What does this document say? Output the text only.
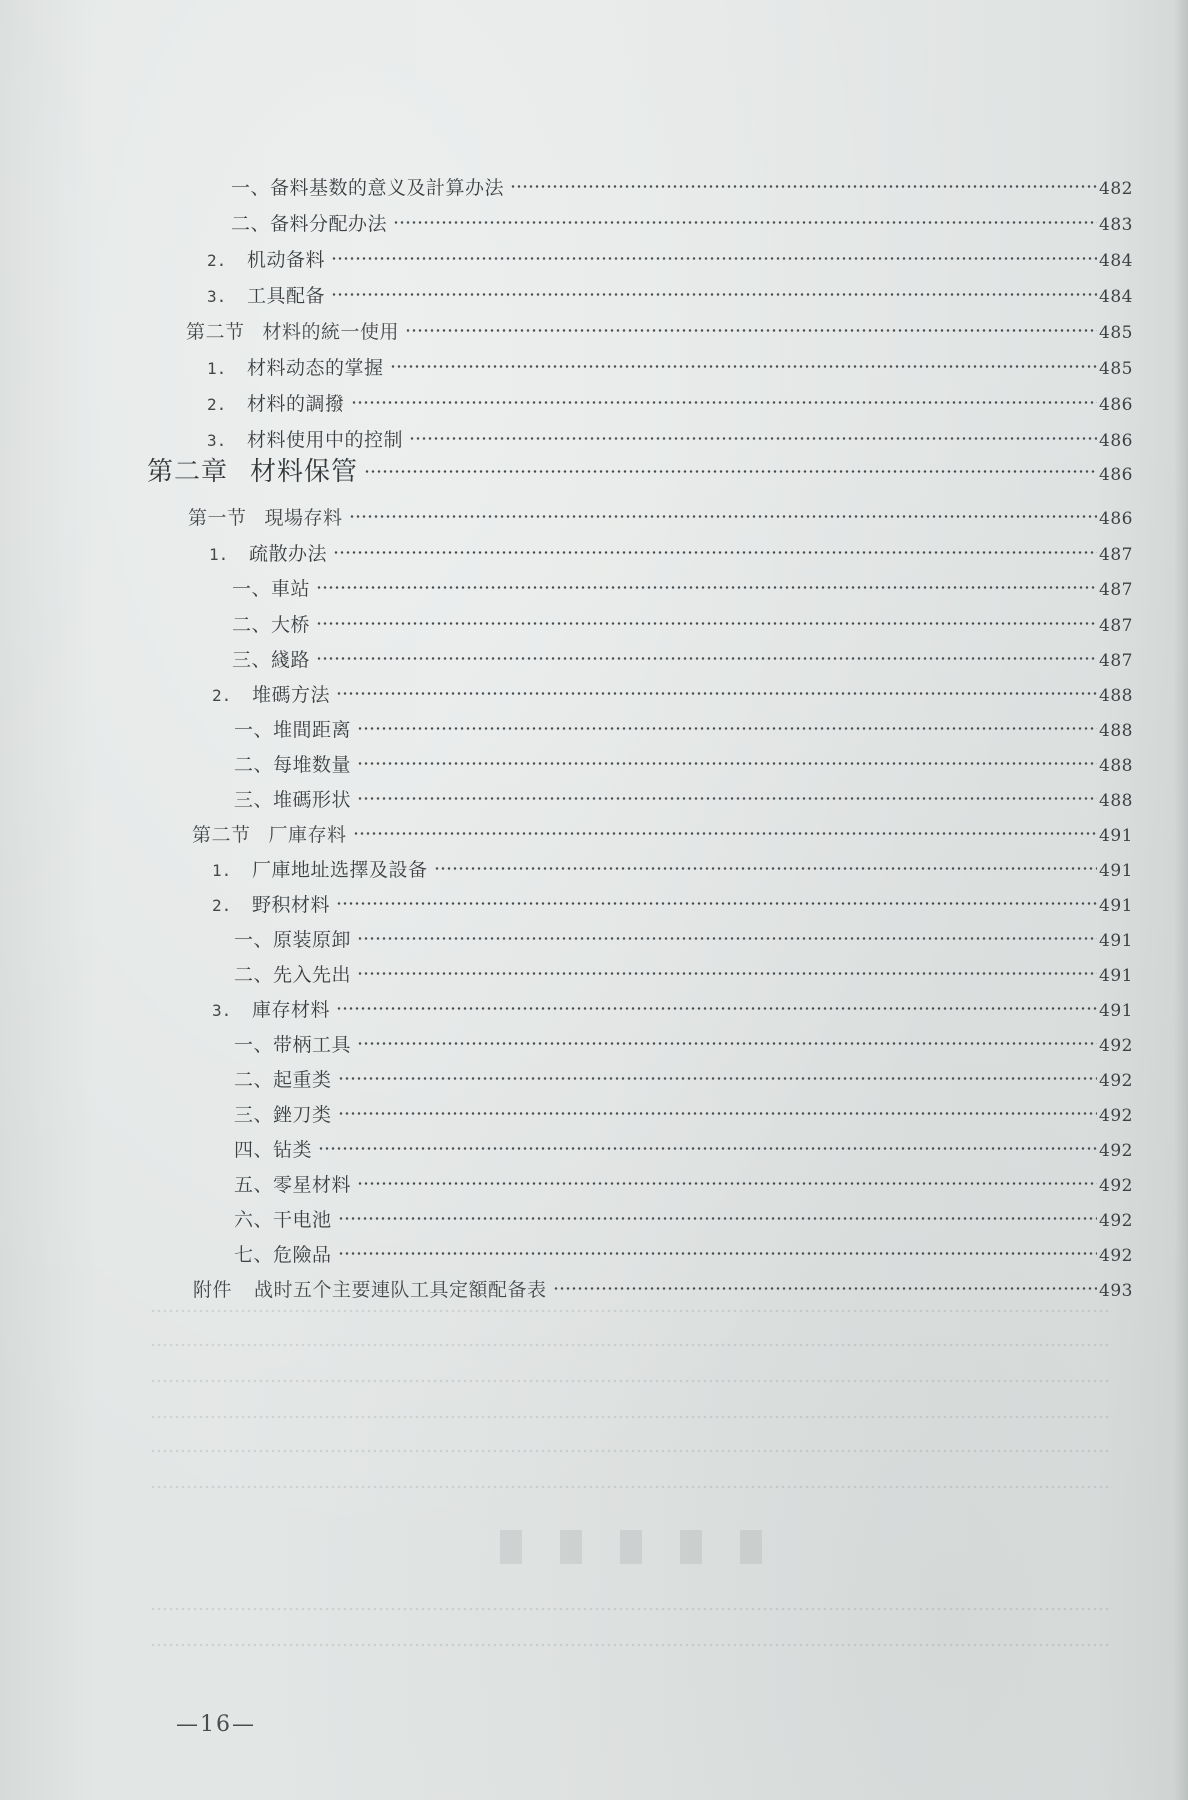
一、备料基数的意义及計算办法	482
二、备料分配办法	483
2.	机动备料	484
3.	工具配备	484
第二节 材料的統一使用	485
1.	材料动态的掌握	485
2.	材料的調撥	486
3.	材料使用中的控制	486
第二章 材料保管	486
第一节 現場存料	486
1.	疏散办法	487
一、車站	487
二、大桥	487
三、綫路	487
2.	堆碼方法	488
一、堆間距离	488
二、每堆数量	488
三、堆碼形状	488
第二节 厂庫存料	491
1.	厂庫地址选擇及設备	491
2.	野积材料	491
一、原装原卸	491
二、先入先出	491
3.	庫存材料	491
一、带柄工具	492
二、起重类	492
三、銼刀类	492
四、钻类	492
五、零星材料	492
六、干电池	492
七、危險品	492
附件 战时五个主要連队工具定額配备表	493
—16—
